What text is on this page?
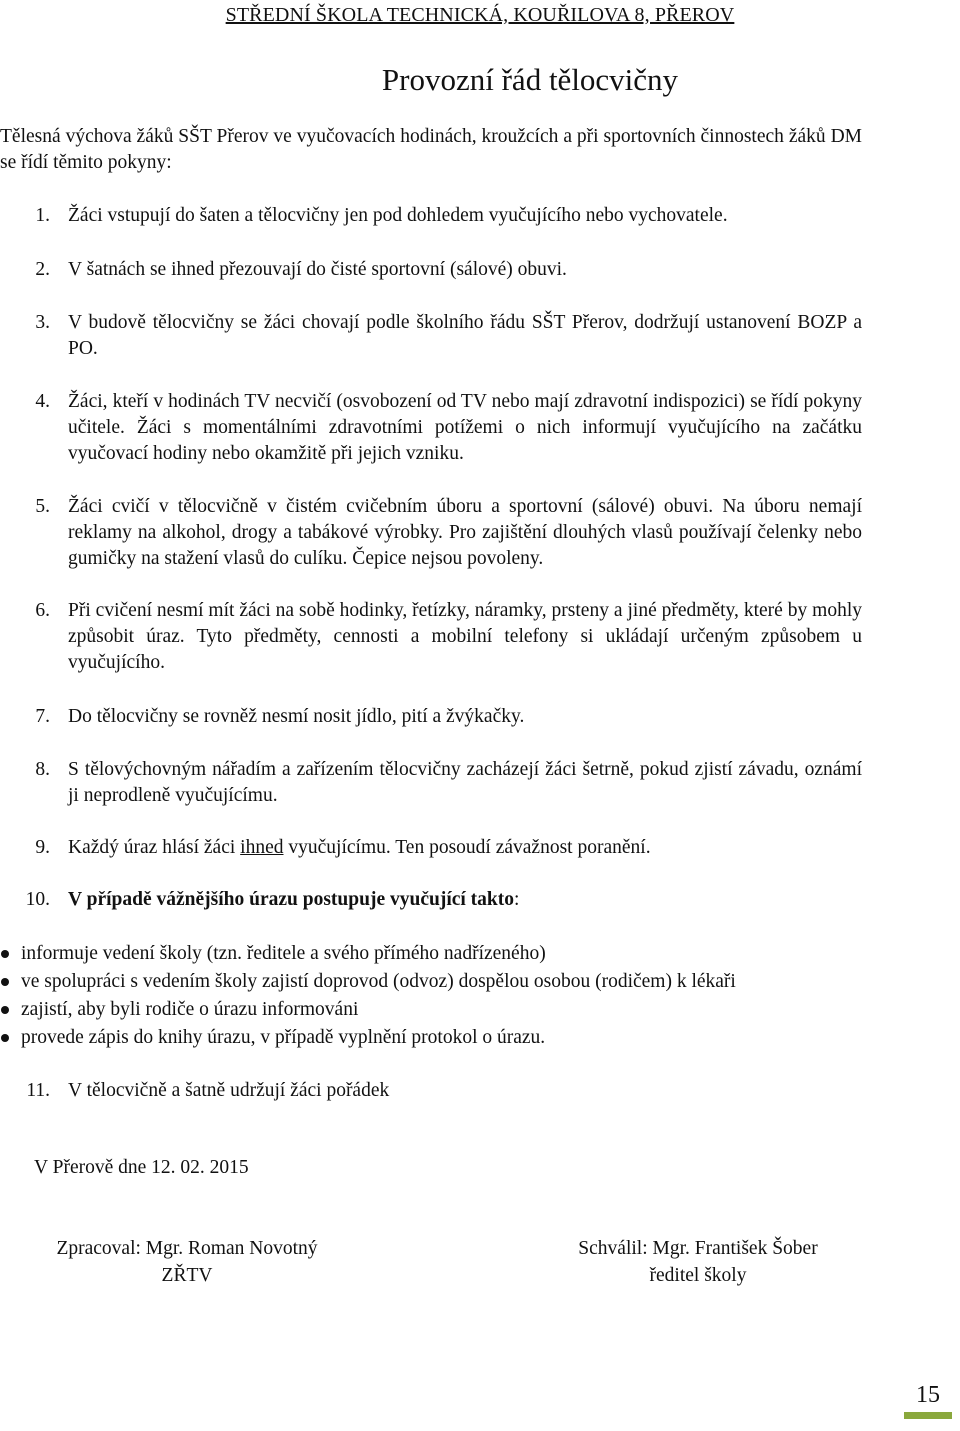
STŘEDNÍ ŠKOLA TECHNICKÁ, KOUŘILOVA 8, PŘEROV
Provozní řád tělocvičny
Tělesná výchova žáků SŠT Přerov ve vyučovacích hodinách, kroužcích a při sportovních činnostech žáků DM se řídí těmito pokyny:
1. Žáci vstupují do šaten a tělocvičny jen pod dohledem vyučujícího nebo vychovatele.
2. V šatnách se ihned přezouvají do čisté sportovní (sálové) obuvi.
3. V budově tělocvičny se žáci chovají podle školního řádu SŠT Přerov, dodržují ustanovení BOZP a PO.
4. Žáci, kteří v hodinách TV necvičí (osvobození od TV nebo mají zdravotní indispozici) se řídí pokyny učitele. Žáci s momentálními zdravotními potížemi o nich informují vyučujícího na začátku vyučovací hodiny nebo okamžitě při jejich vzniku.
5. Žáci cvičí v tělocvičně v čistém cvičebním úboru a sportovní (sálové) obuvi. Na úboru nemají reklamy na alkohol, drogy a tabákové výrobky. Pro zajištění dlouhých vlasů používají čelenky nebo gumičky na stažení vlasů do culíku. Čepice nejsou povoleny.
6. Při cvičení nesmí mít žáci na sobě hodinky, řetízky, náramky, prsteny a jiné předměty, které by mohly způsobit úraz. Tyto předměty, cennosti a mobilní telefony si ukládají určeným způsobem u vyučujícího.
7. Do tělocvičny se rovněž nesmí nosit jídlo, pití a žvýkačky.
8. S tělovýchovným nářadím a zařízením tělocvičny zacházejí žáci šetrně, pokud zjistí závadu, oznámí ji neprodleně vyučujícímu.
9. Každý úraz hlásí žáci ihned vyučujícímu. Ten posoudí závažnost poranění.
10. V případě vážnějšího úrazu postupuje vyučující takto:
informuje vedení školy (tzn. ředitele a svého přímého nadřízeného)
ve spolupráci s vedením školy zajistí doprovod (odvoz) dospělou osobou (rodičem) k lékaři
zajistí, aby byli rodiče o úrazu informováni
provede zápis do knihy úrazu, v případě vyplnění protokol o úrazu.
11. V tělocvičně a šatně udržují žáci pořádek
V Přerově dne 12. 02. 2015
Zpracoval: Mgr. Roman Novotný
ZŘTV
Schválil: Mgr. František Šober
ředitel školy
15
